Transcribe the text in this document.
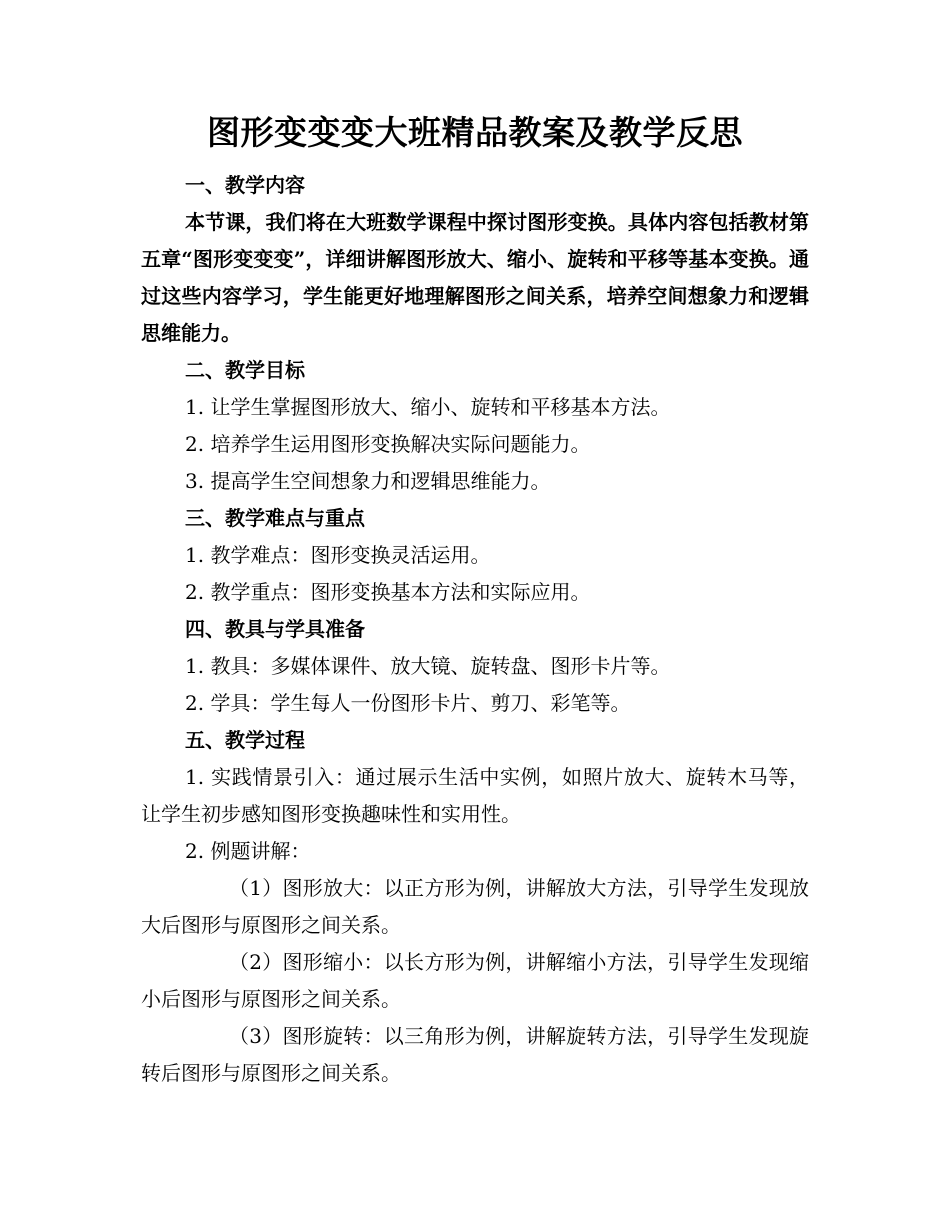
图形变变变大班精品教案及教学反思
一、教学内容

本节课，我们将在大班数学课程中探讨图形变换。具体内容包括教材第五章“图形变变变”，详细讲解图形放大、缩小、旋转和平移等基本变换。通过这些内容学习，学生能更好地理解图形之间关系，培养空间想象力和逻辑思维能力。

二、教学目标
1. 让学生掌握图形放大、缩小、旋转和平移基本方法。
2. 培养学生运用图形变换解决实际问题能力。
3. 提高学生空间想象力和逻辑思维能力。
三、教学难点与重点
1. 教学难点：图形变换灵活运用。
2. 教学重点：图形变换基本方法和实际应用。
四、教具与学具准备
1. 教具：多媒体课件、放大镜、旋转盘、图形卡片等。
2. 学具：学生每人一份图形卡片、剪刀、彩笔等。
五、教学过程

1. 实践情景引入：通过展示生活中实例，如照片放大、旋转木马等，让学生初步感知图形变换趣味性和实用性。

2. 例题讲解：

（1）图形放大：以正方形为例，讲解放大方法，引导学生发现放大后图形与原图形之间关系。

（2）图形缩小：以长方形为例，讲解缩小方法，引导学生发现缩小后图形与原图形之间关系。

（3）图形旋转：以三角形为例，讲解旋转方法，引导学生发现旋转后图形与原图形之间关系。
